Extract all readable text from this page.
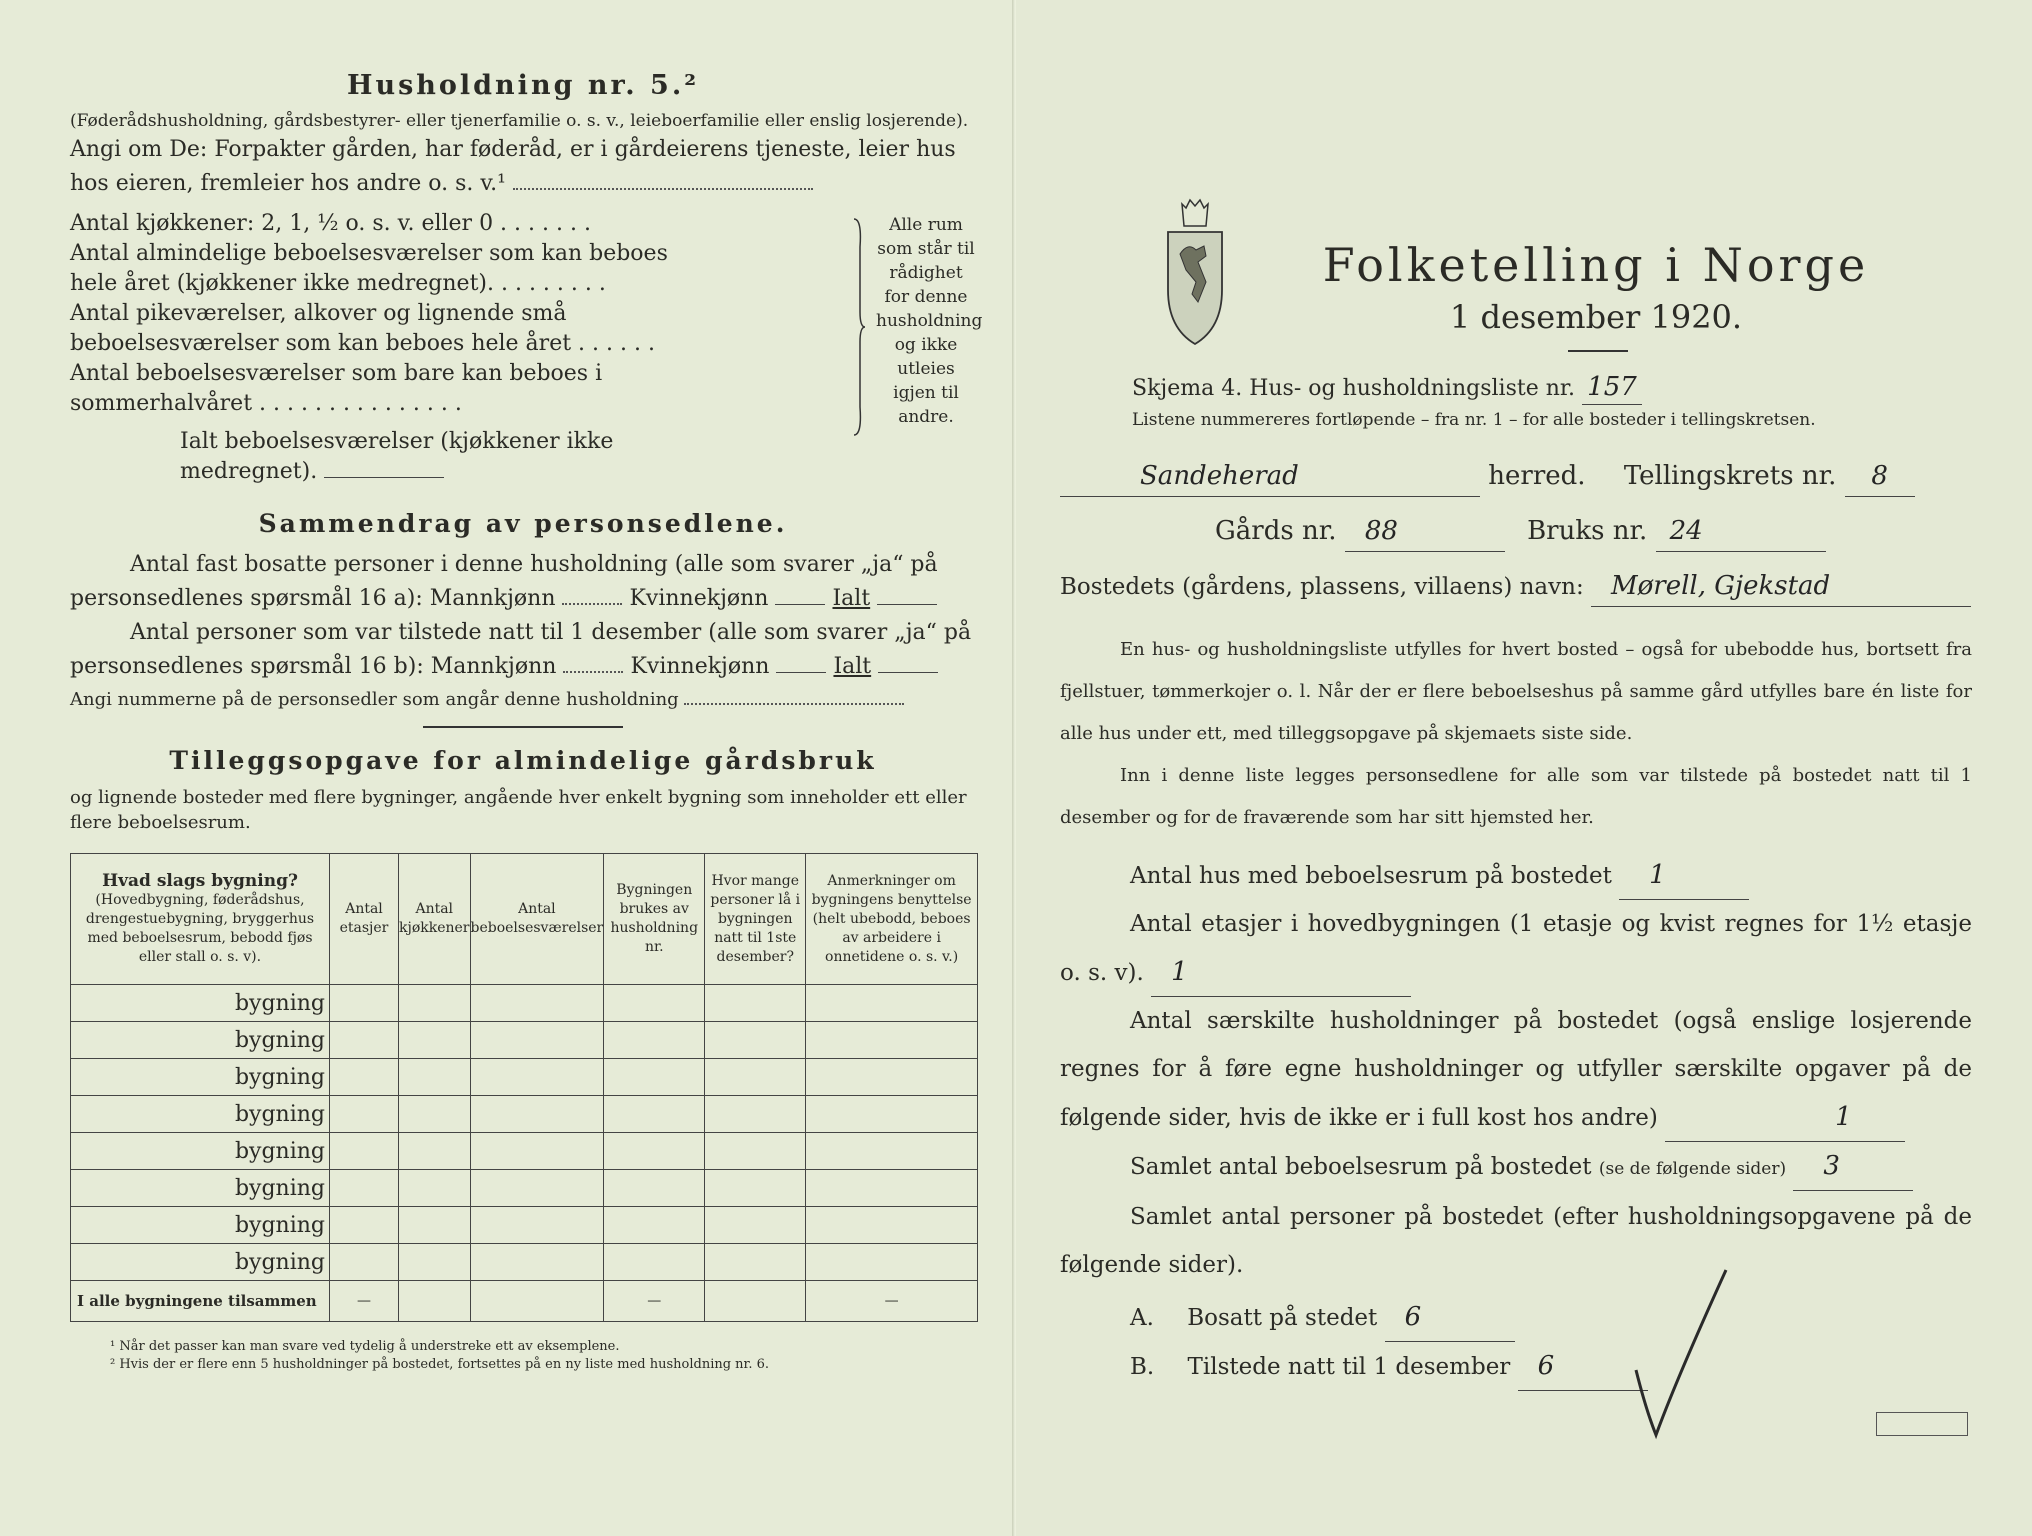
Husholdning nr. 5.²
(Føderådshusholdning, gårdsbestyrer- eller tjenerfamilie o. s. v., leieboerfamilie eller enslig losjerende).
Angi om De: Forpakter gården, har føderåd, er i gårdeierens tjeneste, leier hus hos eieren, fremleier hos andre o. s. v.¹
Antal kjøkkener: 2, 1, ½ o. s. v. eller 0 . . . . . . .
Antal almindelige beboelsesværelser som kan beboes hele året (kjøkkener ikke medregnet). . . . . . . . .
Antal pikeværelser, alkover og lignende små beboelsesværelser som kan beboes hele året . . . . . .
Antal beboelsesværelser som bare kan beboes i sommerhalvåret . . . . . . . . . . . . . . .
Ialt beboelsesværelser (kjøkkener ikke medregnet).
Alle rum som står til rådighet for denne husholdning og ikke utleies igjen til andre.
Sammendrag av personsedlene.
Antal fast bosatte personer i denne husholdning (alle som svarer „ja“ på personsedlenes spørsmål 16 a): Mannkjønn	Kvinnekjønn	Ialt
Antal personer som var tilstede natt til 1 desember (alle som svarer „ja“ på personsedlenes spørsmål 16 b): Mannkjønn	Kvinnekjønn	Ialt
Angi nummerne på de personsedler som angår denne husholdning
Tilleggsopgave for almindelige gårdsbruk
og lignende bosteder med flere bygninger, angående hver enkelt bygning som inneholder ett eller flere beboelsesrum.
Hvad slags bygning?
(Hovedbygning, føderådshus, drengestuebygning, bryggerhus med beboelsesrum, bebodd fjøs eller stall o. s. v).	Antal etasjer	Antal kjøkkener	Antal beboelsesværelser	Bygningen brukes av husholdning nr.	Hvor mange personer lå i bygningen natt til 1ste desember?	Anmerkninger om bygningens benyttelse (helt ubebodd, beboes av arbeidere i onnetidene o. s. v.)
bygning						
bygning						
bygning						
bygning						
bygning						
bygning						
bygning						
bygning						
I alle bygningene tilsammen	—			—		—
¹ Når det passer kan man svare ved tydelig å understreke ett av eksemplene.
² Hvis der er flere enn 5 husholdninger på bostedet, fortsettes på en ny liste med husholdning nr. 6.
Folketelling i Norge
1 desember 1920.
Skjema 4. Hus- og husholdningsliste nr. 157
Listene nummereres fortløpende – fra nr. 1 – for alle bosteder i tellingskretsen.
Sandeherad	herred. Tellingskrets nr. 8
Gårds nr. 88	Bruks nr. 24
Bostedets (gårdens, plassens, villaens) navn: Mørell, Gjekstad
En hus- og husholdningsliste utfylles for hvert bosted – også for ubebodde hus, bortsett fra fjellstuer, tømmerkojer o. l. Når der er flere beboelseshus på samme gård utfylles bare én liste for alle hus under ett, med tilleggsopgave på skjemaets siste side.
Inn i denne liste legges personsedlene for alle som var tilstede på bostedet natt til 1 desember og for de fraværende som har sitt hjemsted her.
Antal hus med beboelsesrum på bostedet 1
Antal etasjer i hovedbygningen (1 etasje og kvist regnes for 1½ etasje o. s. v). 1
Antal særskilte husholdninger på bostedet (også enslige losjerende regnes for å føre egne husholdninger og utfyller særskilte opgaver på de følgende sider, hvis de ikke er i full kost hos andre)	1
Samlet antal beboelsesrum på bostedet (se de følgende sider) 3
Samlet antal personer på bostedet (efter husholdningsopgavene på de følgende sider).
A. Bosatt på stedet 6
B. Tilstede natt til 1 desember 6
